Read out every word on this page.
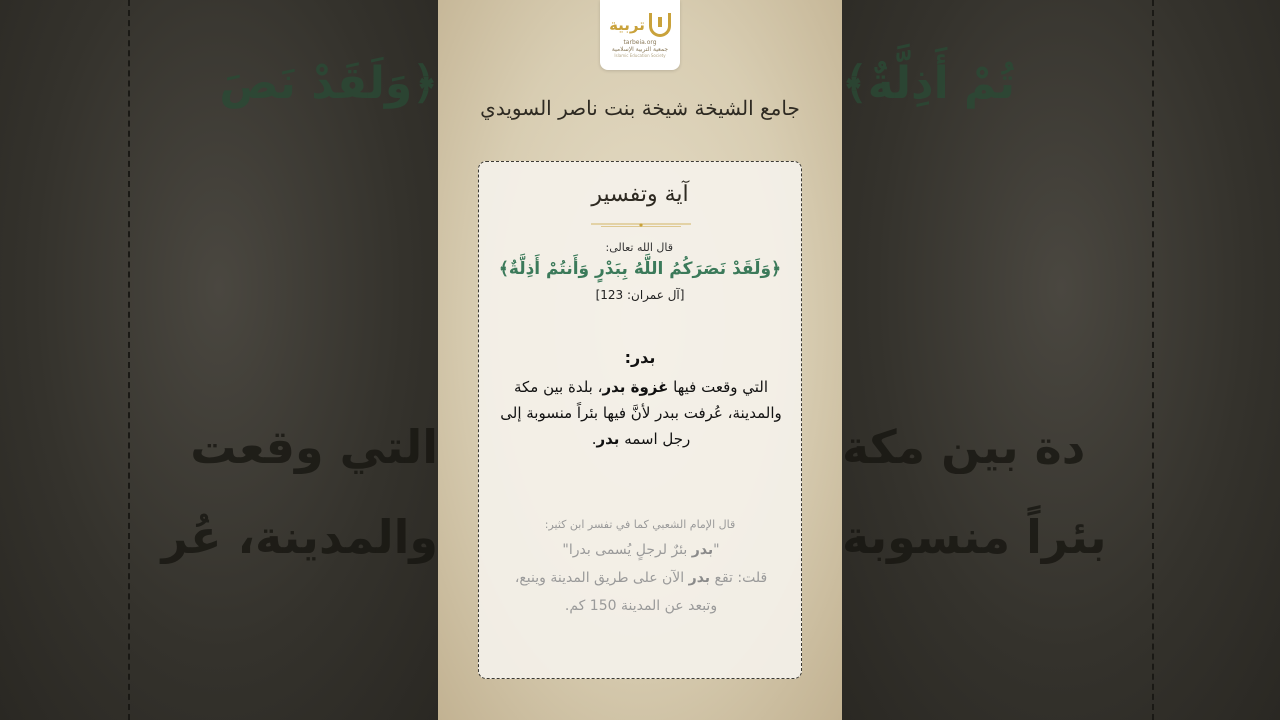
﴿وَلَقَدْ نَصَ
التي وقعت
والمدينة، عُر
تُمْ أَذِلَّةٌ﴾
دة بين مكة
بئراً منسوبة
تربية
tarbeia.org
جمعية التربية الإسلامية
Islamic Education Society
جامع الشيخة شيخة بنت ناصر السويدي
آية وتفسير
قال الله تعالى:
﴿وَلَقَدْ نَصَرَكُمُ اللَّهُ بِبَدْرٍ وَأَنتُمْ أَذِلَّةٌ﴾
[آل عمران: 123]
بدر:
التي وقعت فيها غزوة بدر، بلدة بين مكة والمدينة، عُرفت ببدر لأنَّ فيها بئراً منسوبة إلى رجل اسمه بدر.
قال الإمام الشعبي كما في تفسر ابن كثير:
"بدر بئرٌ لرجلٍ يُسمى بدرا"
قلت: تقع بدر الآن على طريق المدينة وينبع،
وتبعد عن المدينة 150 كم.
